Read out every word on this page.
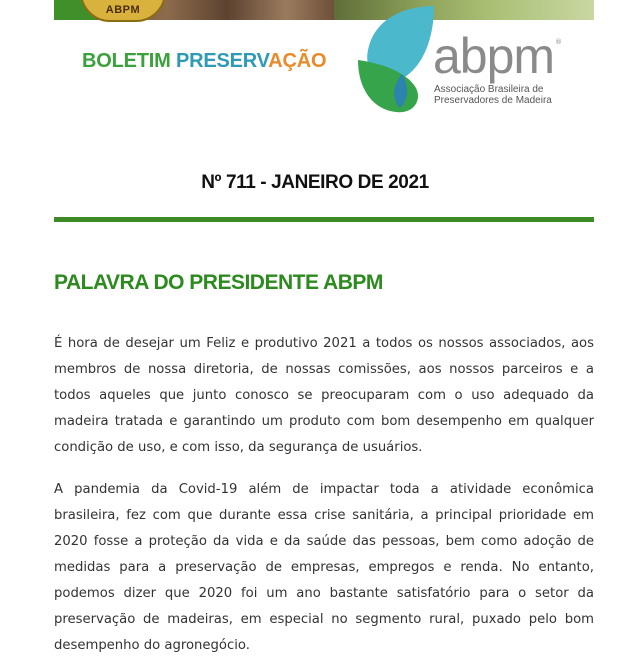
ABPM
BOLETIM PRESERVAÇÃO abpm ®
Associação Brasileira de
Preservadores de Madeira
Nº 711 - JANEIRO DE 2021
PALAVRA DO PRESIDENTE ABPM

É hora de desejar um Feliz e produtivo 2021 a todos os nossos associados, aos membros de nossa diretoria, de nossas comissões, aos nossos parceiros e a todos aqueles que junto conosco se preocuparam com o uso adequado da madeira tratada e garantindo um produto com bom desempenho em qualquer condição de uso, e com isso, da segurança de usuários.

A pandemia da Covid-19 além de impactar toda a atividade econômica brasileira, fez com que durante essa crise sanitária, a principal prioridade em 2020 fosse a proteção da vida e da saúde das pessoas, bem como adoção de medidas para a preservação de empresas, empregos e renda. No entanto, podemos dizer que 2020 foi um ano bastante satisfatório para o setor da preservação de madeiras, em especial no segmento rural, puxado pelo bom desempenho do agronegócio.
